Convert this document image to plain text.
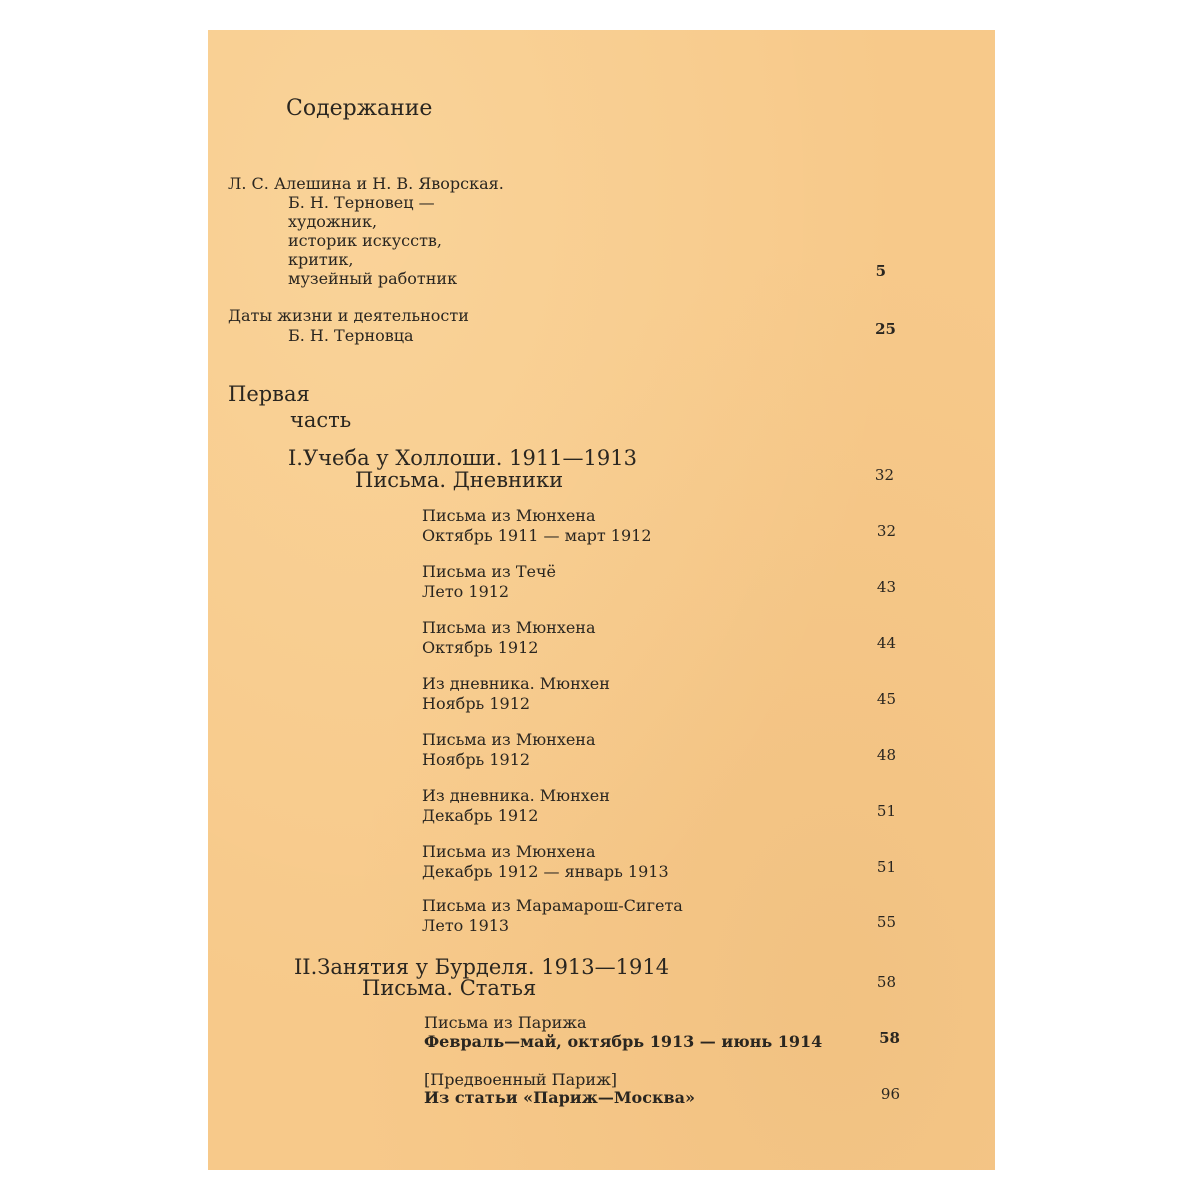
Содержание
Л. С. Алешина и Н. В. Яворская.
Б. Н. Терновец —
художник,
историк искусств,
критик,
музейный работник	5
Даты жизни и деятельности
Б. Н. Терновца	25
Первая
часть
I.Учеба у Холлоши. 1911—1913
Письма. Дневники	32
Письма из Мюнхена
Октябрь 1911 — март 1912	32
Письма из Течё
Лето 1912	43
Письма из Мюнхена
Октябрь 1912	44
Из дневника. Мюнхен
Ноябрь 1912	45
Письма из Мюнхена
Ноябрь 1912	48
Из дневника. Мюнхен
Декабрь 1912	51
Письма из Мюнхена
Декабрь 1912 — январь 1913	51
Письма из Марамарош-Сигета
Лето 1913	55
II.Занятия у Бурделя. 1913—1914
Письма. Статья	58
Письма из Парижа
Февраль—май, октябрь 1913 — июнь 1914	58
[Предвоенный Париж]
Из статьи «Париж—Москва»	96
